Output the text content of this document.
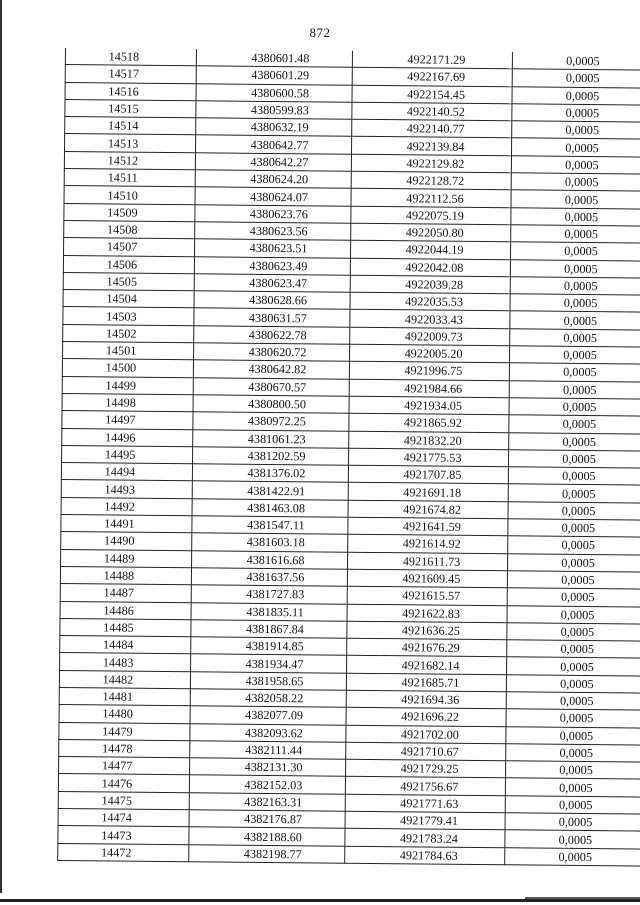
872
14518	4380601.48	4922171.29	0,0005
14517	4380601.29	4922167.69	0,0005
14516	4380600.58	4922154.45	0,0005
14515	4380599.83	4922140.52	0,0005
14514	4380632.19	4922140.77	0,0005
14513	4380642.77	4922139.84	0,0005
14512	4380642.27	4922129.82	0,0005
14511	4380624.20	4922128.72	0,0005
14510	4380624.07	4922112.56	0,0005
14509	4380623.76	4922075.19	0,0005
14508	4380623.56	4922050.80	0,0005
14507	4380623.51	4922044.19	0,0005
14506	4380623.49	4922042.08	0,0005
14505	4380623.47	4922039.28	0,0005
14504	4380628.66	4922035.53	0,0005
14503	4380631.57	4922033.43	0,0005
14502	4380622.78	4922009.73	0,0005
14501	4380620.72	4922005.20	0,0005
14500	4380642.82	4921996.75	0,0005
14499	4380670.57	4921984.66	0,0005
14498	4380800.50	4921934.05	0,0005
14497	4380972.25	4921865.92	0,0005
14496	4381061.23	4921832.20	0,0005
14495	4381202.59	4921775.53	0,0005
14494	4381376.02	4921707.85	0,0005
14493	4381422.91	4921691.18	0,0005
14492	4381463.08	4921674.82	0,0005
14491	4381547.11	4921641.59	0,0005
14490	4381603.18	4921614.92	0,0005
14489	4381616.68	4921611.73	0,0005
14488	4381637.56	4921609.45	0,0005
14487	4381727.83	4921615.57	0,0005
14486	4381835.11	4921622.83	0,0005
14485	4381867.84	4921636.25	0,0005
14484	4381914.85	4921676.29	0,0005
14483	4381934.47	4921682.14	0,0005
14482	4381958.65	4921685.71	0,0005
14481	4382058.22	4921694.36	0,0005
14480	4382077.09	4921696.22	0,0005
14479	4382093.62	4921702.00	0,0005
14478	4382111.44	4921710.67	0,0005
14477	4382131.30	4921729.25	0,0005
14476	4382152.03	4921756.67	0,0005
14475	4382163.31	4921771.63	0,0005
14474	4382176.87	4921779.41	0,0005
14473	4382188.60	4921783.24	0,0005
14472	4382198.77	4921784.63	0,0005
